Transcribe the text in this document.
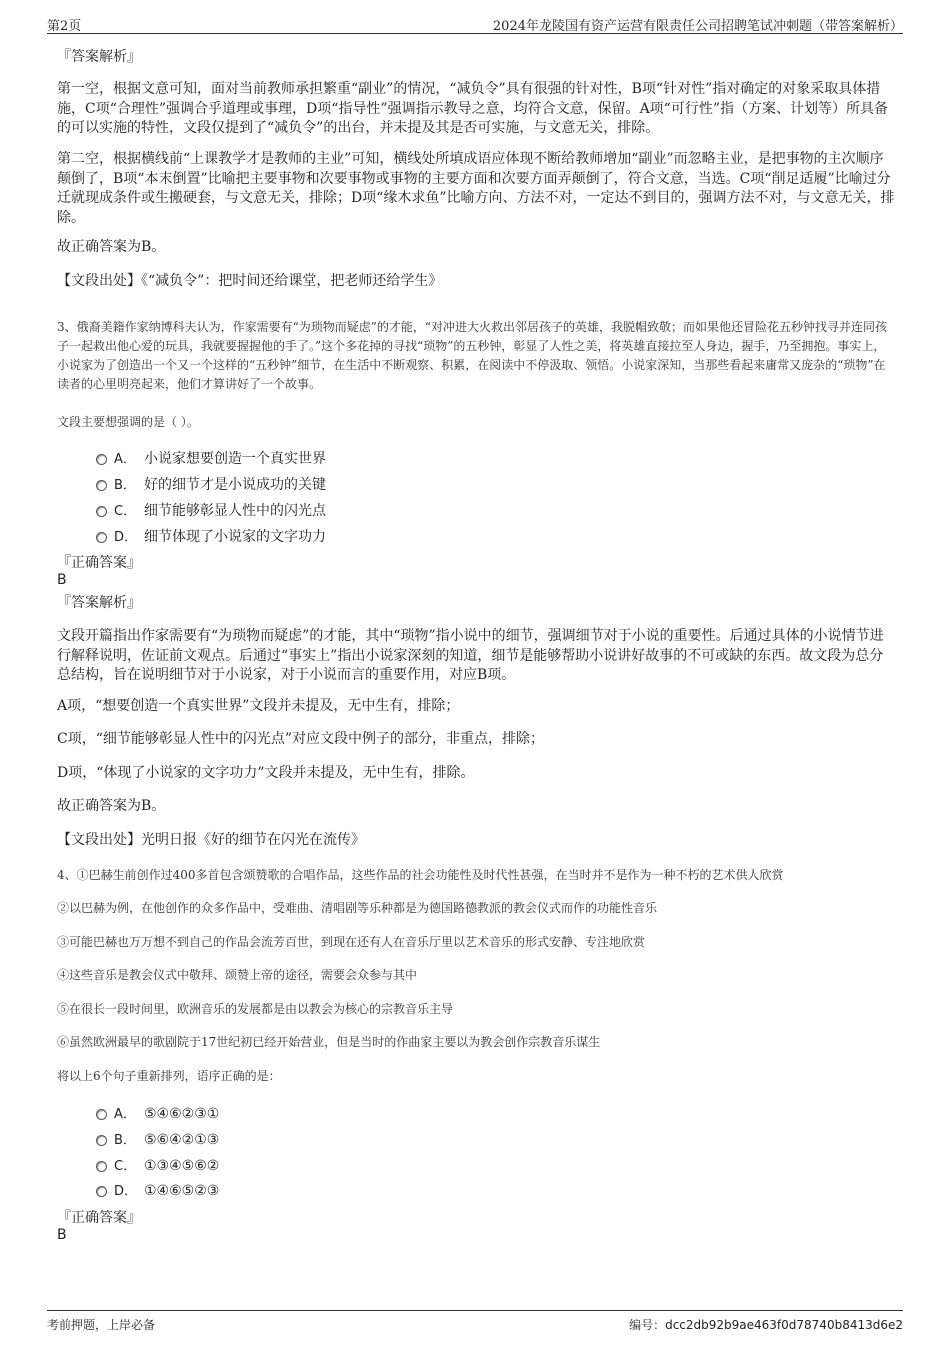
第2页	2024年龙陵国有资产运营有限责任公司招聘笔试冲刺题（带答案解析）
『答案解析』

第一空，根据文意可知，面对当前教师承担繁重“副业”的情况，“减负令”具有很强的针对性，B项“针对性”指对确定的对象采取具体措施，C项“合理性”强调合乎道理或事理，D项“指导性”强调指示教导之意，均符合文意，保留。A项“可行性”指（方案、计划等）所具备的可以实施的特性，文段仅提到了“减负令”的出台，并未提及其是否可实施，与文意无关，排除。

第二空，根据横线前“上课教学才是教师的主业”可知，横线处所填成语应体现不断给教师增加“副业”而忽略主业，是把事物的主次顺序颠倒了，B项“本末倒置”比喻把主要事物和次要事物或事物的主要方面和次要方面弄颠倒了，符合文意，当选。C项“削足适履”比喻过分迁就现成条件或生搬硬套，与文意无关，排除；D项“缘木求鱼”比喻方向、方法不对，一定达不到目的，强调方法不对，与文意无关，排除。

故正确答案为B。

【文段出处】《“减负令”：把时间还给课堂，把老师还给学生》

3、俄裔美籍作家纳博科夫认为，作家需要有“为琐物而疑虑”的才能，“对冲进大火救出邻居孩子的英雄，我脱帽致敬；而如果他还冒险花五秒钟找寻并连同孩子一起救出他心爱的玩具，我就要握握他的手了。”这个多花掉的寻找“琐物”的五秒钟，彰显了人性之美，将英雄直接拉至人身边，握手，乃至拥抱。事实上，小说家为了创造出一个又一个这样的“五秒钟”细节，在生活中不断观察、积累，在阅读中不停汲取、领悟。小说家深知，当那些看起来庸常又庞杂的“琐物”在读者的心里明亮起来，他们才算讲好了一个故事。

文段主要想强调的是（ ）。

A． 小说家想要创造一个真实世界
B． 好的细节才是小说成功的关键
C． 细节能够彰显人性中的闪光点
D． 细节体现了小说家的文字功力
『正确答案』
B
『答案解析』

文段开篇指出作家需要有“为琐物而疑虑”的才能，其中“琐物”指小说中的细节，强调细节对于小说的重要性。后通过具体的小说情节进行解释说明，佐证前文观点。后通过“事实上”指出小说家深刻的知道，细节是能够帮助小说讲好故事的不可或缺的东西。故文段为总分总结构，旨在说明细节对于小说家，对于小说而言的重要作用，对应B项。

A项，“想要创造一个真实世界”文段并未提及，无中生有，排除；

C项，“细节能够彰显人性中的闪光点”对应文段中例子的部分，非重点，排除；

D项，“体现了小说家的文字功力”文段并未提及，无中生有，排除。

故正确答案为B。

【文段出处】光明日报《好的细节在闪光在流传》

4、①巴赫生前创作过400多首包含颂赞歌的合唱作品，这些作品的社会功能性及时代性甚强，在当时并不是作为一种不朽的艺术供人欣赏

②以巴赫为例，在他创作的众多作品中，受难曲、清唱剧等乐种都是为德国路德教派的教会仪式而作的功能性音乐

③可能巴赫也万万想不到自己的作品会流芳百世，到现在还有人在音乐厅里以艺术音乐的形式安静、专注地欣赏

④这些音乐是教会仪式中敬拜、颂赞上帝的途径，需要会众参与其中

⑤在很长一段时间里，欧洲音乐的发展都是由以教会为核心的宗教音乐主导

⑥虽然欧洲最早的歌剧院于17世纪初已经开始营业，但是当时的作曲家主要以为教会创作宗教音乐谋生

将以上6个句子重新排列，语序正确的是：

A． ⑤④⑥②③①
B． ⑤⑥④②①③
C． ①③④⑤⑥②
D． ①④⑥⑤②③
『正确答案』
B
考前押题，上岸必备	编号：dcc2db92b9ae463f0d78740b8413d6e2
